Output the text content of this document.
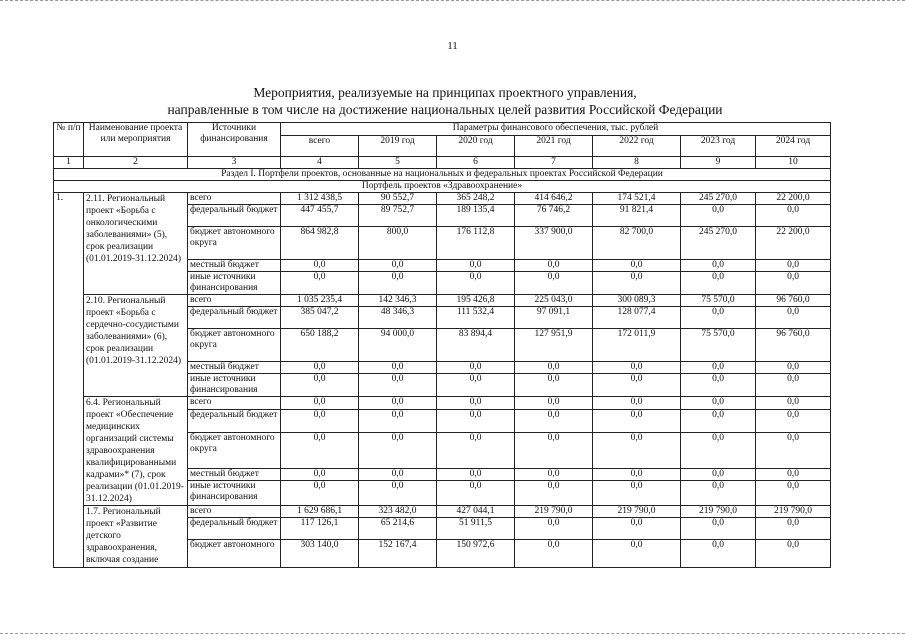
11
Мероприятия, реализуемые на принципах проектного управления,
направленные в том числе на достижение национальных целей развития Российской Федерации
№ п/п	Наименование проекта или мероприятия	Источники финансирования	Параметры финансового обеспечения, тыс. рублей						
			всего	2019 год	2020 год	2021 год	2022 год	2023 год	2024 год
1	2	3	4	5	6	7	8	9	10
Раздел I. Портфели проектов, основанные на национальных и федеральных проектах Российской Федерации									
Портфель проектов «Здравоохранение»									
1.	2.11. Региональный проект «Борьба с онкологическими заболеваниями» (5), срок реализации (01.01.2019-31.12.2024)	всего	1 312 438,5	90 552,7	365 248,2	414 646,2	174 521,4	245 270,0	22 200,0
		федеральный бюджет	447 455,7	89 752,7	189 135,4	76 746,2	91 821,4	0,0	0,0
		бюджет автономного округа	864 982,8	800,0	176 112,8	337 900,0	82 700,0	245 270,0	22 200,0
		местный бюджет	0,0	0,0	0,0	0,0	0,0	0,0	0,0
		иные источники финансирования	0,0	0,0	0,0	0,0	0,0	0,0	0,0
	2.10. Региональный проект «Борьба с сердечно-сосудистыми заболеваниями» (6), срок реализации (01.01.2019-31.12.2024)	всего	1 035 235,4	142 346,3	195 426,8	225 043,0	300 089,3	75 570,0	96 760,0
		федеральный бюджет	385 047,2	48 346,3	111 532,4	97 091,1	128 077,4	0,0	0,0
		бюджет автономного округа	650 188,2	94 000,0	83 894,4	127 951,9	172 011,9	75 570,0	96 760,0
		местный бюджет	0,0	0,0	0,0	0,0	0,0	0,0	0,0
		иные источники финансирования	0,0	0,0	0,0	0,0	0,0	0,0	0,0
	6.4. Региональный проект «Обеспечение медицинских организаций системы здравоохранения квалифицированными кадрами»* (7), срок реализации (01.01.2019-31.12.2024)	всего	0,0	0,0	0,0	0,0	0,0	0,0	0,0
		федеральный бюджет	0,0	0,0	0,0	0,0	0,0	0,0	0,0
		бюджет автономного округа	0,0	0,0	0,0	0,0	0,0	0,0	0,0
		местный бюджет	0,0	0,0	0,0	0,0	0,0	0,0	0,0
		иные источники финансирования	0,0	0,0	0,0	0,0	0,0	0,0	0,0
	1.7. Региональный проект «Развитие детского здравоохранения, включая создание	всего	1 629 686,1	323 482,0	427 044,1	219 790,0	219 790,0	219 790,0	219 790,0
		федеральный бюджет	117 126,1	65 214,6	51 911,5	0,0	0,0	0,0	0,0
		бюджет автономного	303 140,0	152 167,4	150 972,6	0,0	0,0	0,0	0,0
